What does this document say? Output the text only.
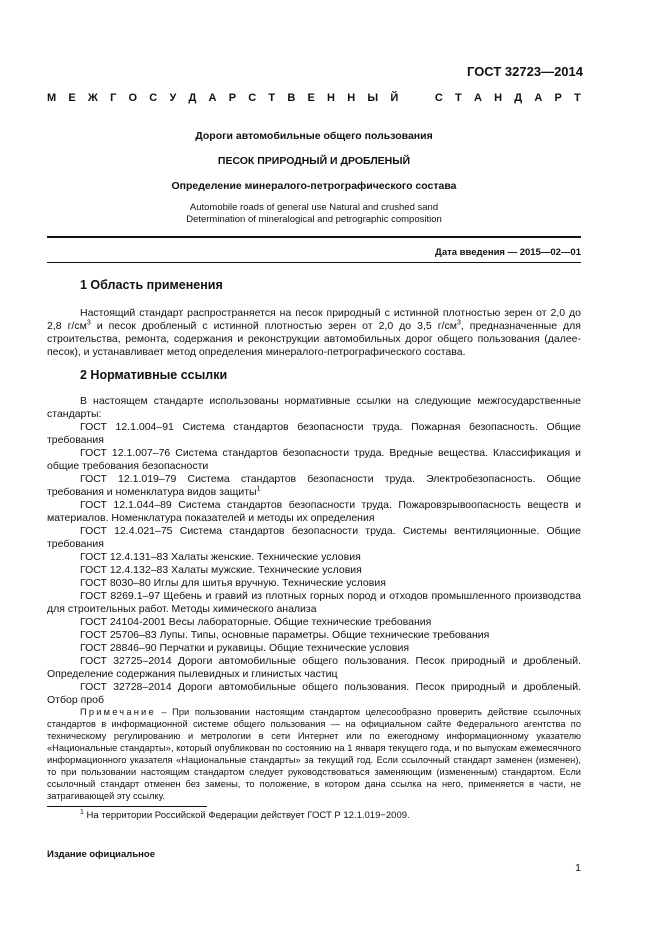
ГОСТ 32723—2014
М Е Ж Г О С У Д А Р С Т В Е Н Н Ы Й	С Т А Н Д А Р Т
Дороги автомобильные общего пользования
ПЕСОК ПРИРОДНЫЙ И ДРОБЛЕНЫЙ
Определение минералого-петрографического состава
Automobile roads of general use Natural and crushed sand
Determination of mineralogical and petrographic composition
Дата введения — 2015—02—01
1 Область применения

Настоящий стандарт распространяется на песок природный с истинной плотностью зерен от 2,0 до 2,8 $г/см^3$ и песок дробленый с истинной плотностью зерен от 2,0 до 3,5 $г/см^3$, предназначенные для строительства, ремонта, содержания и реконструкции автомобильных дорог общего пользования (далее-песок), и устанавливает метод определения минералого-петрографического состава.

2 Нормативные ссылки

В настоящем стандарте использованы нормативные ссылки на следующие межгосударственные стандарты:

ГОСТ 12.1.004–91 Система стандартов безопасности труда. Пожарная безопасность. Общие требования

ГОСТ 12.1.007–76 Система стандартов безопасности труда. Вредные вещества. Классификация и общие требования безопасности

ГОСТ 12.1.019–79 Система стандартов безопасности труда. Электробезопасность. Общие требования и номенклатура видов защиты$^1$

ГОСТ 12.1.044–89 Система стандартов безопасности труда. Пожаровзрывоопасность веществ и материалов. Номенклатура показателей и методы их определения

ГОСТ 12.4.021–75 Система стандартов безопасности труда. Системы вентиляционные. Общие требования

ГОСТ 12.4.131–83 Халаты женские. Технические условия

ГОСТ 12.4.132–83 Халаты мужские. Технические условия

ГОСТ 8030–80 Иглы для шитья вручную. Технические условия

ГОСТ 8269.1–97 Щебень и гравий из плотных горных пород и отходов промышленного производства для строительных работ. Методы химического анализа

ГОСТ 24104-2001 Весы лабораторные. Общие технические требования

ГОСТ 25706–83 Лупы. Типы, основные параметры. Общие технические требования

ГОСТ 28846–90 Перчатки и рукавицы. Общие технические условия

ГОСТ 32725–2014 Дороги автомобильные общего пользования. Песок природный и дробленый. Определение содержания пылевидных и глинистых частиц

ГОСТ 32728–2014 Дороги автомобильные общего пользования. Песок природный и дробленый. Отбор проб

Примечание – При пользовании настоящим стандартом целесообразно проверить действие ссылочных стандартов в информационной системе общего пользования — на официальном сайте Федерального агентства по техническому регулированию и метрологии в сети Интернет или по ежегодному информационному указателю «Национальные стандарты», который опубликован по состоянию на 1 января текущего года, и по выпускам ежемесячного информационного указателя «Национальные стандарты» за текущий год. Если ссылочный стандарт заменен (изменен), то при пользовании настоящим стандартом следует руководствоваться заменяющим (измененным) стандартом. Если ссылочный стандарт отменен без замены, то положение, в котором дана ссылка на него, применяется в части, не затрагивающей эту ссылку.

$^1$ На территории Российской Федерации действует ГОСТ Р 12.1.019−2009.
Издание официальное
1
